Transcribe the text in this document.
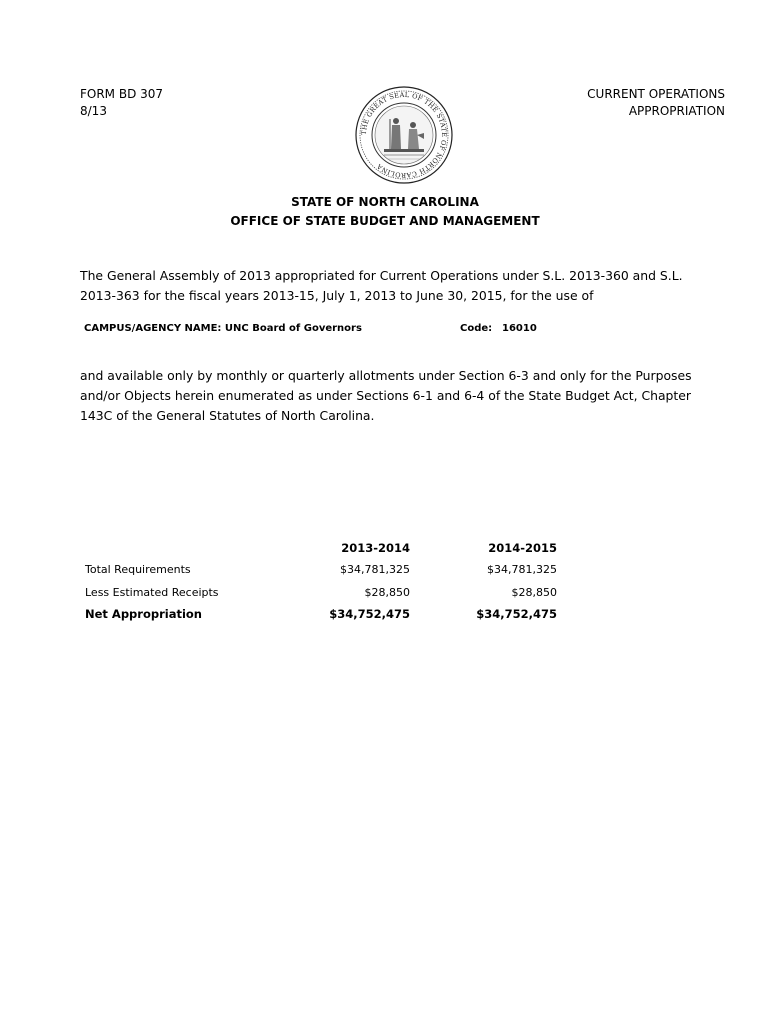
FORM BD 307
8/13
CURRENT OPERATIONS
APPROPRIATION
THE GREAT SEAL OF THE STATE OF NORTH CAROLINA
STATE OF NORTH CAROLINA
OFFICE OF STATE BUDGET AND MANAGEMENT
The General Assembly of 2013 appropriated for Current Operations under S.L. 2013-360 and S.L. 2013-363 for the fiscal years 2013-15, July 1, 2013 to June 30, 2015, for the use of
CAMPUS/AGENCY NAME: UNC Board of Governors	Code: 16010
and available only by monthly or quarterly allotments under Section 6-3 and only for the Purposes and/or Objects herein enumerated as under Sections 6-1 and 6-4 of the State Budget Act, Chapter 143C of the General Statutes of North Carolina.
2013-2014	2014-2015
Total Requirements	$34,781,325	$34,781,325
Less Estimated Receipts	$28,850	$28,850
Net Appropriation	$34,752,475	$34,752,475
